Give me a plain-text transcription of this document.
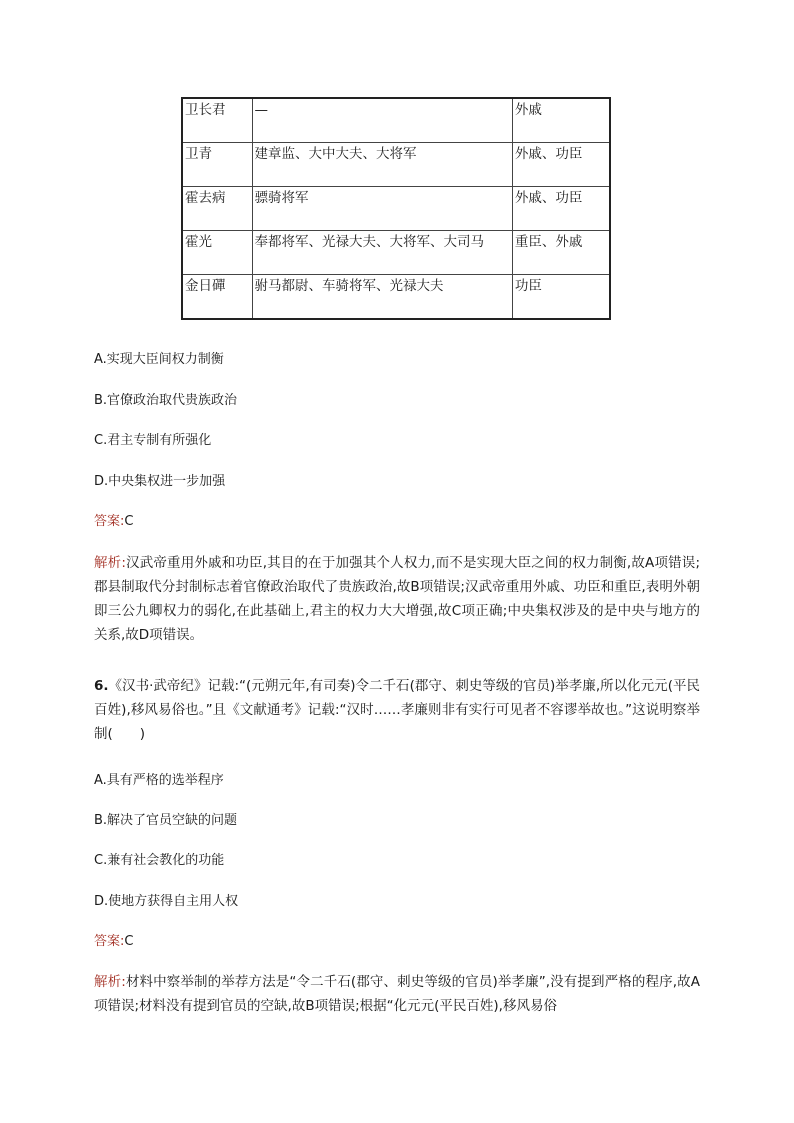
卫长君	—	外戚
卫青	建章监、大中大夫、大将军	外戚、功臣
霍去病	骠骑将军	外戚、功臣
霍光	奉都将军、光禄大夫、大将军、大司马	重臣、外戚
金日磾	驸马都尉、车骑将军、光禄大夫	功臣
A.实现大臣间权力制衡
B.官僚政治取代贵族政治
C.君主专制有所强化
D.中央集权进一步加强
答案:C
解析:汉武帝重用外戚和功臣,其目的在于加强其个人权力,而不是实现大臣之间的权力制衡,故A项错误;郡县制取代分封制标志着官僚政治取代了贵族政治,故B项错误;汉武帝重用外戚、功臣和重臣,表明外朝即三公九卿权力的弱化,在此基础上,君主的权力大大增强,故C项正确;中央集权涉及的是中央与地方的关系,故D项错误。
6.《汉书·武帝纪》记载:“(元朔元年,有司奏)令二千石(郡守、刺史等级的官员)举孝廉,所以化元元(平民百姓),移风易俗也。”且《文献通考》记载:“汉时……孝廉则非有实行可见者不容谬举故也。”这说明察举制(　　)
A.具有严格的选举程序
B.解决了官员空缺的问题
C.兼有社会教化的功能
D.使地方获得自主用人权
答案:C
解析:材料中察举制的举荐方法是“令二千石(郡守、刺史等级的官员)举孝廉”,没有提到严格的程序,故A项错误;材料没有提到官员的空缺,故B项错误;根据“化元元(平民百姓),移风易俗
